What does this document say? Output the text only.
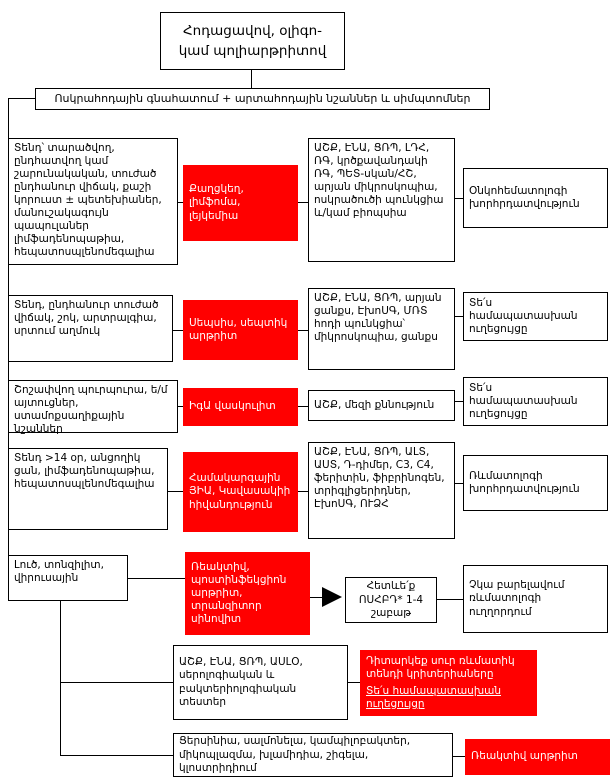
Հոդացավով, օլիգո-
կամ պոլիարթրիտով
Ոսկրահոդային գնահատում + արտահոդային նշաններ և սիմպտոմներ
Տենդ՝ տարածվող, ընդհատվող կամ շարունակական, տուժած ընդհանուր վիճակ, քաշի կորուստ ± պետեխիաներ, մանուշակագույն պապուլաներ լիմֆադենոպաթիա, հեպատոսպլենոմեգալիա
Քաղցկեղ, լիմֆոմա, լեյկեմիա
ԱՇՔ, ԷՆԱ, ՑՌՊ, ԼԴՀ, ՌԳ, կրծքավանդակի ՌԳ, ՊԵՏ-սկան/ՀՇ, արյան միկրոսկոպիա, ոսկրածուծի պունկցիա և/կամ բիոպսիա
Օնկոհեմատոլոգի խորհրդատվություն
Տենդ, ընդհանուր տուժած վիճակ, շոկ, արտրալգիա, սրտում աղմուկ
Սեպսիս, սեպտիկ արթրիտ
ԱՇՔ, ԷՆԱ, ՑՌՊ, արյան ցանքս, ԷխոՍԳ, ՄՌՏ հոդի պունկցիա՝ միկրոսկոպիա, ցանքս
Տե՛ս համապատասխան ուղեցույցը
Շոշափվող պուրպուրա, ե/մ այտուցներ, ստամոքսաղիքային նշաններ
ԻգԱ վասկուլիտ	ԱՇՔ, մեզի քննություն
Տե՛ս համապատասխան ուղեցույցը
Տենդ >14 օր, անցողիկ ցան, լիմֆադենոպաթիա, հեպատոսպլենոմեգալիա	Համակարգային ՅԻԱ, Կավասակիի հիվանդություն
ԱՇՔ, ԷՆԱ, ՑՌՊ, ԱԼՏ, ԱՍՏ, Դ-դիմեր, C3, C4, ֆերիտին, ֆիբրինոգեն, տրիգլիցերիդներ, ԷխոՍԳ, ՈՒՁՀ
Ռևմատոլոգի խորհրդատվություն
Լուծ, տոնզիլիտ, վիրուսային
Ռեակտիվ, պոստինֆեկցիոն արթրիտ, տրանզիտոր սինովիտ
Հետևե՛ք ՈՍՀԲԴ* 1-4 շաբաթ
Չկա բարելավում ռևմատոլոգի ուղղորդում
ԱՇՔ, ԷՆԱ, ՑՌՊ, ԱՍԼՕ, սերոլոգիական և բակտերիոլոգիական տեստեր
Դիտարկեք սուր ռևմատիկ տենդի կրիտերիաները
Տե՛ս համապատասխան ուղեցույցը
Ցերսինիա, սալմոնելա, կամպիլոբակտեր, միկոպլազմա, խլամիդիա, շիգելա, կլոստրիդիում
Ռեակտիվ արթրիտ
